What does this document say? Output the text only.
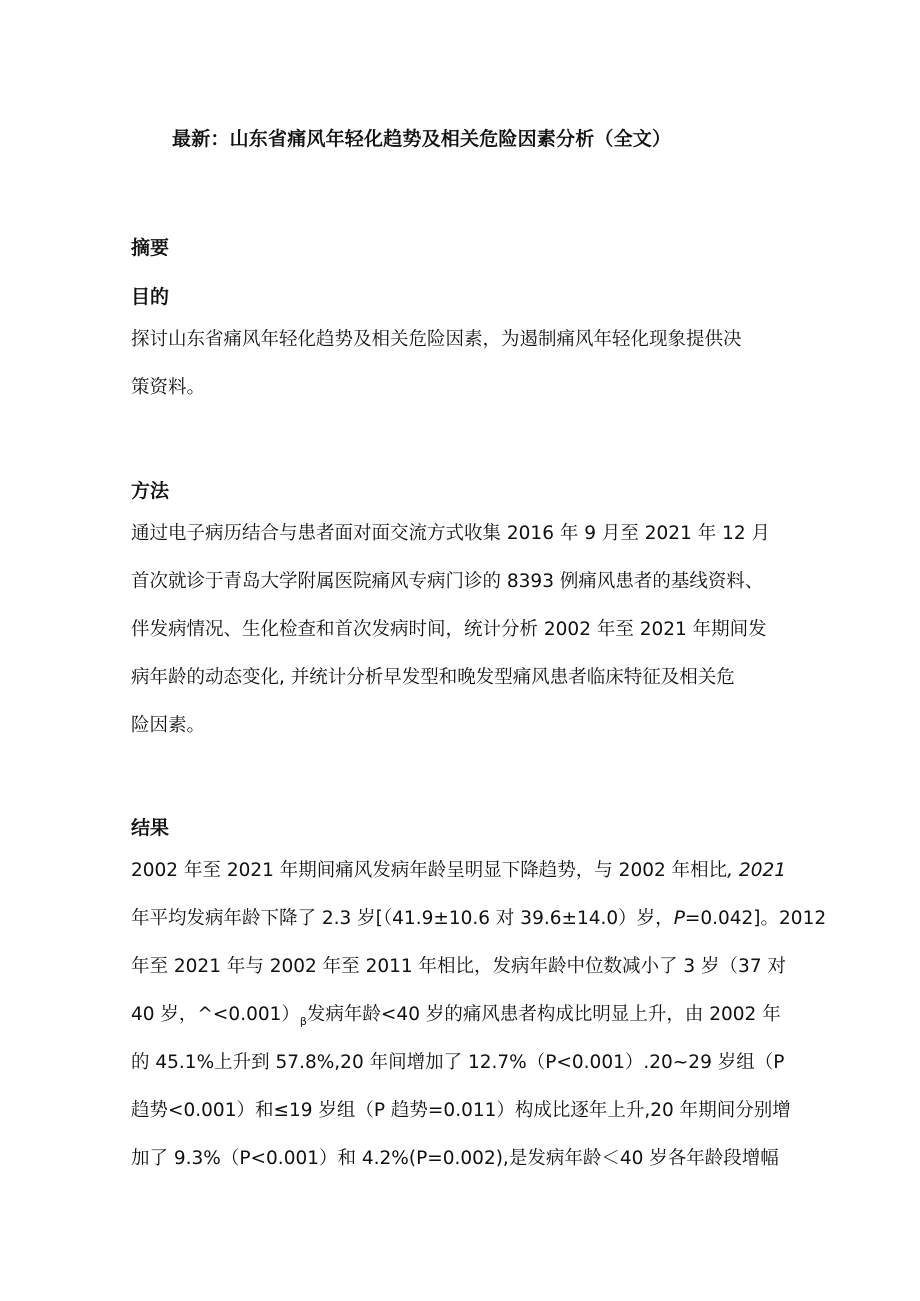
最新：山东省痛风年轻化趋势及相关危险因素分析（全文）
摘要
目的
探讨山东省痛风年轻化趋势及相关危险因素，为遏制痛风年轻化现象提供决
策资料。
方法
通过电子病历结合与患者面对面交流方式收集 2016 年 9 月至 2021 年 12 月
首次就诊于青岛大学附属医院痛风专病门诊的 8393 例痛风患者的基线资料、
伴发病情况、生化检查和首次发病时间，统计分析 2002 年至 2021 年期间发
病年龄的动态变化, 并统计分析早发型和晚发型痛风患者临床特征及相关危
险因素。
结果
2002 年至 2021 年期间痛风发病年龄呈明显下降趋势，与 2002 年相比, 2021
年平均发病年龄下降了 2.3 岁[（41.9±10.6 对 39.6±14.0）岁，P=0.042]。2012
年至 2021 年与 2002 年至 2011 年相比，发病年龄中位数减小了 3 岁（37 对
40 岁，$\^{}<0.001)_\beta$发病年龄<40 岁的痛风患者构成比明显上升，由 2002 年
的 45.1%上升到 57.8%,20 年间增加了 12.7%（P<0.001）.20~29 岁组（P
趋势<0.001）和≤19 岁组（P 趋势=0.011）构成比逐年上升,20 年期间分别增
加了 9.3%（P<0.001）和 4.2%(P=0.002),是发病年龄＜40 岁各年龄段增幅
